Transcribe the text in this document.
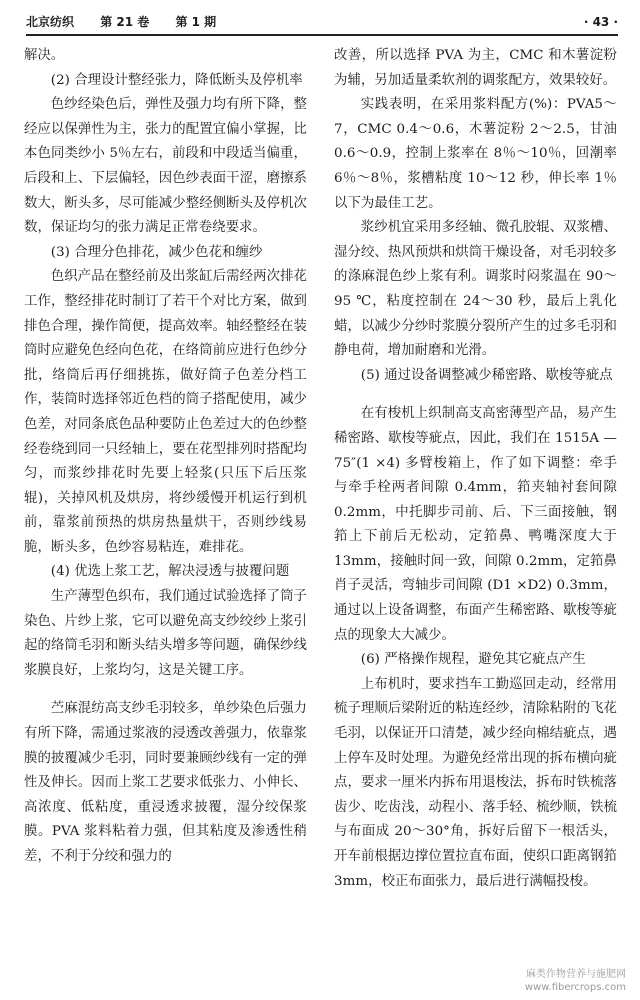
北京纺织 第 21 卷 第 1 期	· 43 ·

解决。

(2) 合理设计整经张力，降低断头及停机率

色纱经染色后，弹性及强力均有所下降，整经应以保弹性为主，张力的配置宜偏小掌握，比本色同类纱小 5％左右，前段和中段适当偏重，后段和上、下层偏轻，因色纱表面干涩，磨擦系数大，断头多，尽可能减少整经侧断头及停机次数，保证均匀的张力满足正常卷绕要求。

(3) 合理分色排花，减少色花和缠纱

色织产品在整经前及出浆缸后需经两次排花工作，整经排花时制订了若干个对比方案，做到排色合理，操作简便，提高效率。轴经整经在装筒时应避免色经向色花，在络筒前应进行色纱分批，络筒后再仔细挑拣，做好筒子色差分档工作，装筒时选择邻近色档的筒子搭配使用，减少色差，对同条底色品种要防止色差过大的色纱整经卷绕到同一只经轴上，要在花型排列时搭配均匀，而浆纱排花时先要上轻浆(只压下后压浆辊)，关掉风机及烘房，将纱缓慢开机运行到机前，靠浆前预热的烘房热量烘干，否则纱线易脆，断头多，色纱容易粘连，难排花。

(4) 优选上浆工艺，解决浸透与披覆问题

生产薄型色织布，我们通过试验选择了筒子染色、片纱上浆，它可以避免高支纱绞纱上浆引起的络筒毛羽和断头结头增多等问题，确保纱线浆膜良好，上浆均匀，这是关键工序。

苎麻混纺高支纱毛羽较多，单纱染色后强力有所下降，需通过浆液的浸透改善强力，依靠浆膜的披覆减少毛羽，同时要兼顾纱线有一定的弹性及伸长。因而上浆工艺要求低张力、小伸长、高浓度、低粘度，重浸透求披覆，湿分绞保浆膜。PVA 浆料粘着力强，但其粘度及渗透性稍差，不利于分绞和强力的

改善，所以选择 PVA 为主，CMC 和木薯淀粉为辅，另加适量柔软剂的调浆配方，效果较好。

实践表明，在采用浆料配方(%)：PVA5～7，CMC 0.4～0.6，木薯淀粉 2～2.5，甘油 0.6～0.9，控制上浆率在 8％～10％，回潮率 6％～8％，浆槽粘度 10～12 秒，伸长率 1％以下为最佳工艺。

浆纱机宜采用多经轴、微孔胶辊、双浆槽、湿分绞、热风预烘和烘筒干燥设备，对毛羽较多的涤麻混色纱上浆有利。调浆时闷浆温在 90～95 ℃，粘度控制在 24～30 秒，最后上乳化蜡，以减少分纱时浆膜分裂所产生的过多毛羽和静电荷，增加耐磨和光滑。

(5) 通过设备调整减少稀密路、歇梭等疵点

在有梭机上织制高支高密薄型产品，易产生稀密路、歇梭等疵点，因此，我们在 1515A —75″(1 ×4) 多臂梭箱上，作了如下调整：牵手与牵手栓两者间隙 0.4mm，筘夹轴衬套间隙 0.2mm，中托脚步司前、后、下三面接触，钢筘上下前后无松动，定筘鼻、鸭嘴深度大于 13mm，接触时间一致，间隙 0.2mm，定筘鼻肖子灵活，弯轴步司间隙 (D1 ×D2) 0.3mm，通过以上设备调整，布面产生稀密路、歇梭等疵点的现象大大减少。

(6) 严格操作规程，避免其它疵点产生

上布机时，要求挡车工勤巡回走动，经常用梳子理顺后梁附近的粘连经纱，清除粘附的飞花毛羽，以保证开口清楚，减少经向棉结疵点，遇上停车及时处理。为避免经常出现的拆布横向疵点，要求一厘米内拆布用退梭法，拆布时铁梳落齿少、吃齿浅，动程小、落手轻、梳纱顺，铁梳与布面成 20～30°角，拆好后留下一根活头，开车前根据边撑位置拉直布面，使织口距离钢筘 3mm，校正布面张力，最后进行满幅投梭。

麻类作物营养与施肥网
www.fibercrops.com
